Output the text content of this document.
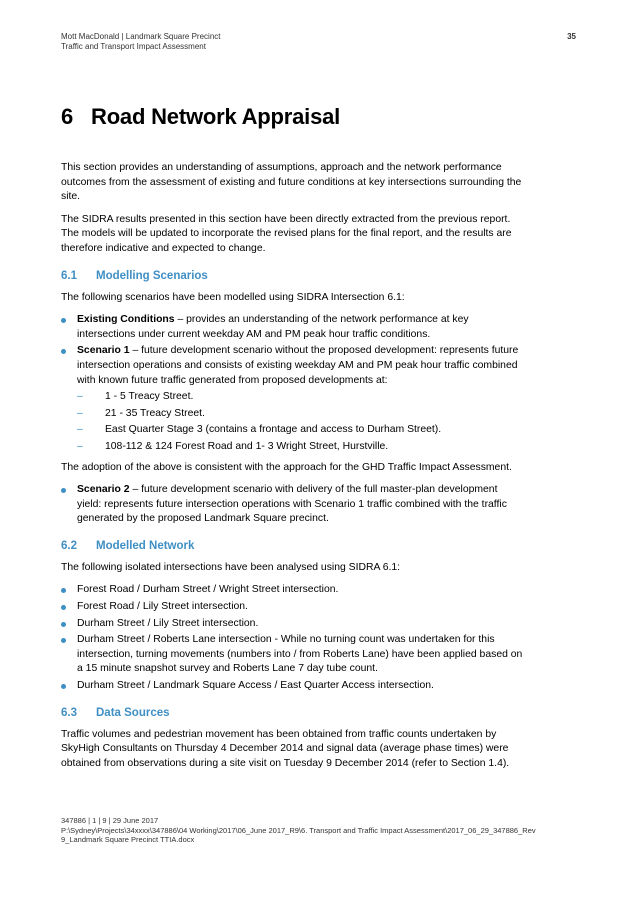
Mott MacDonald | Landmark Square Precinct
Traffic and Transport Impact Assessment
35
6 Road Network Appraisal

This section provides an understanding of assumptions, approach and the network performance outcomes from the assessment of existing and future conditions at key intersections surrounding the site.

The SIDRA results presented in this section have been directly extracted from the previous report. The models will be updated to incorporate the revised plans for the final report, and the results are therefore indicative and expected to change.

6.1 Modelling Scenarios

The following scenarios have been modelled using SIDRA Intersection 6.1:

Existing Conditions – provides an understanding of the network performance at key intersections under current weekday AM and PM peak hour traffic conditions.
Scenario 1 – future development scenario without the proposed development: represents future intersection operations and consists of existing weekday AM and PM peak hour traffic combined with known future traffic generated from proposed developments at:
–	1 - 5 Treacy Street.
–	21 - 35 Treacy Street.
–	East Quarter Stage 3 (contains a frontage and access to Durham Street).
–	108-112 & 124 Forest Road and 1- 3 Wright Street, Hurstville.

The adoption of the above is consistent with the approach for the GHD Traffic Impact Assessment.

Scenario 2 – future development scenario with delivery of the full master-plan development yield: represents future intersection operations with Scenario 1 traffic combined with the traffic generated by the proposed Landmark Square precinct.
6.2 Modelled Network

The following isolated intersections have been analysed using SIDRA 6.1:

Forest Road / Durham Street / Wright Street intersection.
Forest Road / Lily Street intersection.
Durham Street / Lily Street intersection.
Durham Street / Roberts Lane intersection - While no turning count was undertaken for this intersection, turning movements (numbers into / from Roberts Lane) have been applied based on a 15 minute snapshot survey and Roberts Lane 7 day tube count.
Durham Street / Landmark Square Access / East Quarter Access intersection.
6.3 Data Sources

Traffic volumes and pedestrian movement has been obtained from traffic counts undertaken by SkyHigh Consultants on Thursday 4 December 2014 and signal data (average phase times) were obtained from observations during a site visit on Tuesday 9 December 2014 (refer to Section 1.4).

347886 | 1 | 9 | 29 June 2017
P:\Sydney\Projects\34xxxx\347886\04 Working\2017\06_June 2017_R9\6. Transport and Traffic Impact Assessment\2017_06_29_347886_Rev 9_Landmark Square Precinct TTIA.docx
